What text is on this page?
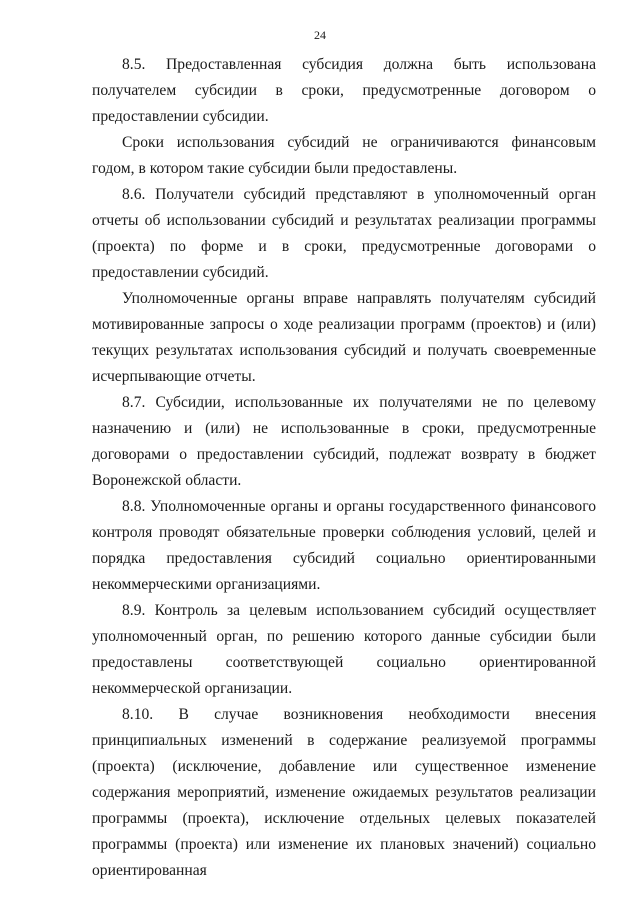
24

8.5. Предоставленная субсидия должна быть использована получателем субсидии в сроки, предусмотренные договором о предоставлении субсидии.

Сроки использования субсидий не ограничиваются финансовым годом, в котором такие субсидии были предоставлены.

8.6. Получатели субсидий представляют в уполномоченный орган отчеты об использовании субсидий и результатах реализации программы (проекта) по форме и в сроки, предусмотренные договорами о предоставлении субсидий.

Уполномоченные органы вправе направлять получателям субсидий мотивированные запросы о ходе реализации программ (проектов) и (или) текущих результатах использования субсидий и получать своевременные исчерпывающие отчеты.

8.7. Субсидии, использованные их получателями не по целевому назначению и (или) не использованные в сроки, предусмотренные договорами о предоставлении субсидий, подлежат возврату в бюджет Воронежской области.

8.8. Уполномоченные органы и органы государственного финансового контроля проводят обязательные проверки соблюдения условий, целей и порядка предоставления субсидий социально ориентированными некоммерческими организациями.

8.9. Контроль за целевым использованием субсидий осуществляет уполномоченный орган, по решению которого данные субсидии были предоставлены соответствующей социально ориентированной некоммерческой организации.

8.10. В случае возникновения необходимости внесения принципиальных изменений в содержание реализуемой программы (проекта) (исключение, добавление или существенное изменение содержания мероприятий, изменение ожидаемых результатов реализации программы (проекта), исключение отдельных целевых показателей программы (проекта) или изменение их плановых значений) социально ориентированная
